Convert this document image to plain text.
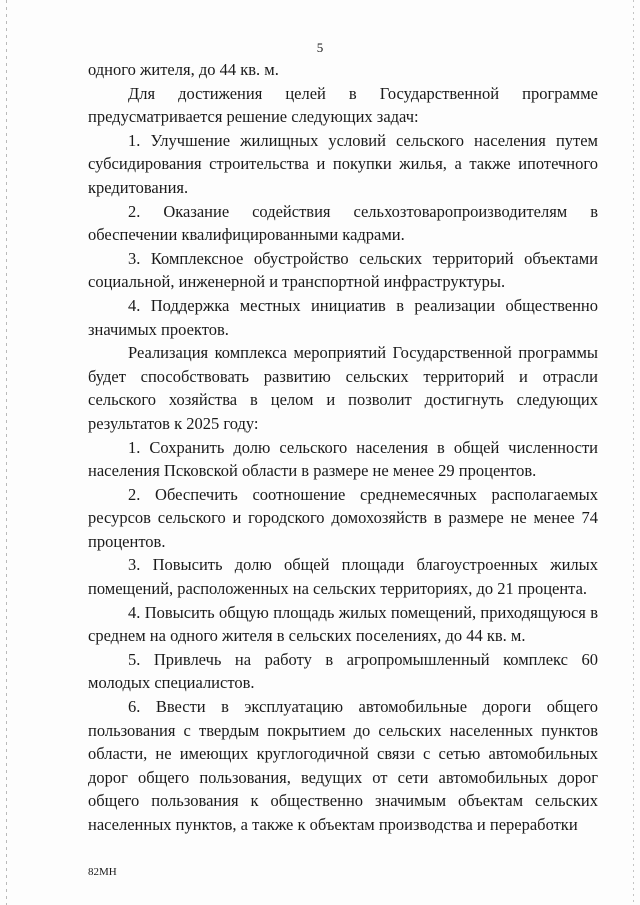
5

одного жителя, до 44 кв. м.

Для достижения целей в Государственной программе предусматривается решение следующих задач:

1. Улучшение жилищных условий сельского населения путем субсидирования строительства и покупки жилья, а также ипотечного кредитования.

2. Оказание содействия сельхозтоваропроизводителям в обеспечении квалифицированными кадрами.

3. Комплексное обустройство сельских территорий объектами социальной, инженерной и транспортной инфраструктуры.

4. Поддержка местных инициатив в реализации общественно значимых проектов.

Реализация комплекса мероприятий Государственной программы будет способствовать развитию сельских территорий и отрасли сельского хозяйства в целом и позволит достигнуть следующих результатов к 2025 году:

1. Сохранить долю сельского населения в общей численности населения Псковской области в размере не менее 29 процентов.

2. Обеспечить соотношение среднемесячных располагаемых ресурсов сельского и городского домохозяйств в размере не менее 74 процентов.

3. Повысить долю общей площади благоустроенных жилых помещений, расположенных на сельских территориях, до 21 процента.

4. Повысить общую площадь жилых помещений, приходящуюся в среднем на одного жителя в сельских поселениях, до 44 кв. м.

5. Привлечь на работу в агропромышленный комплекс 60 молодых специалистов.

6. Ввести в эксплуатацию автомобильные дороги общего пользования с твердым покрытием до сельских населенных пунктов области, не имеющих круглогодичной связи с сетью автомобильных дорог общего пользования, ведущих от сети автомобильных дорог общего пользования к общественно значимым объектам сельских населенных пунктов, а также к объектам производства и переработки

82МН
